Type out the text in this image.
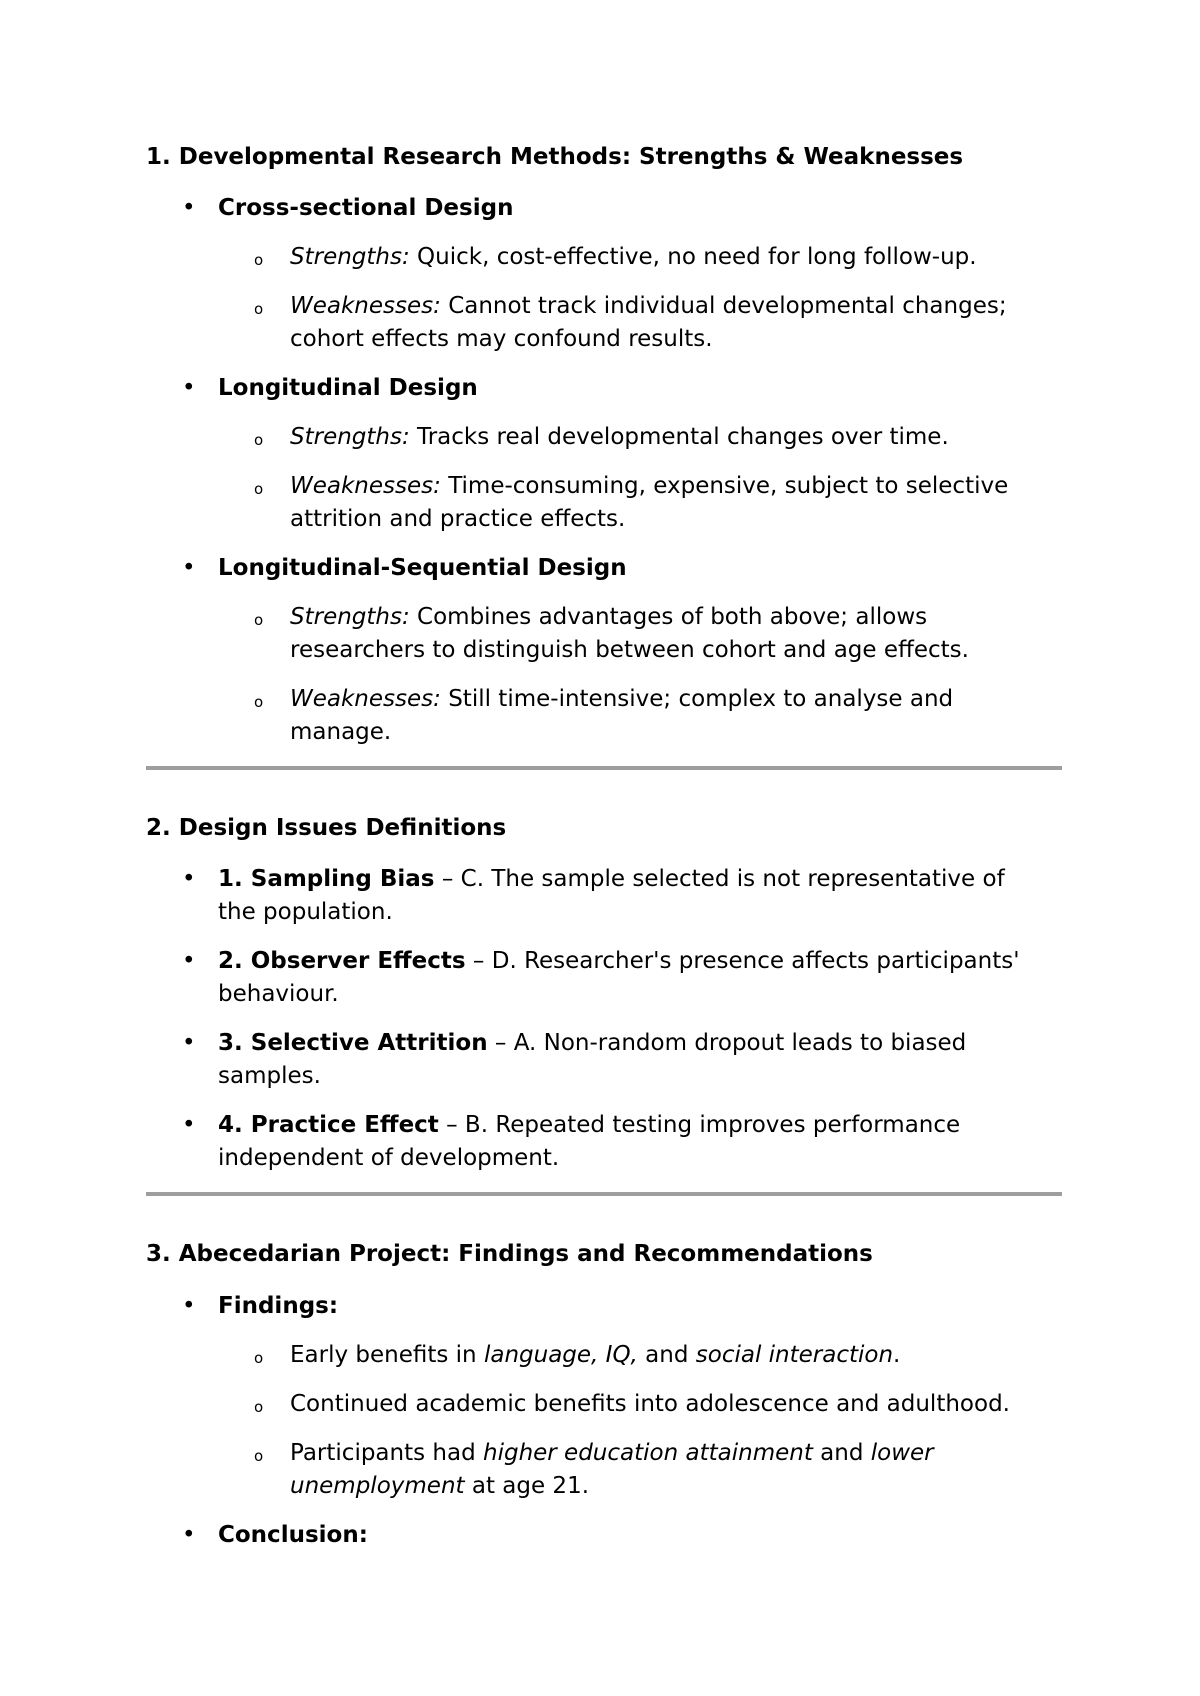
1. Developmental Research Methods: Strengths & Weaknesses
• Cross-sectional Design
o Strengths: Quick, cost-effective, no need for long follow-up.
o Weaknesses: Cannot track individual developmental changes; cohort effects may confound results.
• Longitudinal Design
o Strengths: Tracks real developmental changes over time.
o Weaknesses: Time-consuming, expensive, subject to selective attrition and practice effects.
• Longitudinal-Sequential Design
o Strengths: Combines advantages of both above; allows researchers to distinguish between cohort and age effects.
o Weaknesses: Still time-intensive; complex to analyse and manage.
2. Design Issues Definitions
• 1. Sampling Bias – C. The sample selected is not representative of the population.
• 2. Observer Effects – D. Researcher's presence affects participants' behaviour.
• 3. Selective Attrition – A. Non-random dropout leads to biased samples.
• 4. Practice Effect – B. Repeated testing improves performance independent of development.
3. Abecedarian Project: Findings and Recommendations
• Findings:
o Early benefits in language, IQ, and social interaction.
o Continued academic benefits into adolescence and adulthood.
o Participants had higher education attainment and lower unemployment at age 21.
• Conclusion:
